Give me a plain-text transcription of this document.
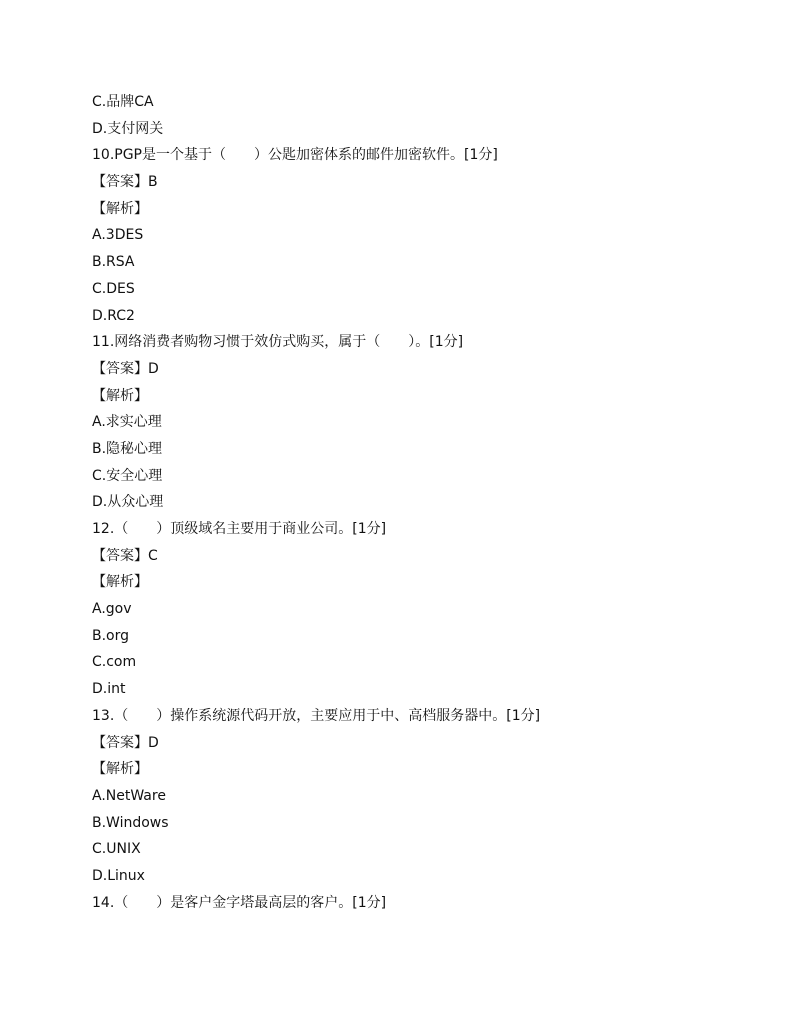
C.品牌CA
D.支付网关
10.PGP是一个基于（　　）公匙加密体系的邮件加密软件。[1分]
【答案】B
【解析】
A.3DES
B.RSA
C.DES
D.RC2
11.网络消费者购物习惯于效仿式购买，属于（　　）。[1分]
【答案】D
【解析】
A.求实心理
B.隐秘心理
C.安全心理
D.从众心理
12.（　　）顶级域名主要用于商业公司。[1分]
【答案】C
【解析】
A.gov
B.org
C.com
D.int
13.（　　）操作系统源代码开放，主要应用于中、高档服务器中。[1分]
【答案】D
【解析】
A.NetWare
B.Windows
C.UNIX
D.Linux
14.（　　）是客户金字塔最高层的客户。[1分]
